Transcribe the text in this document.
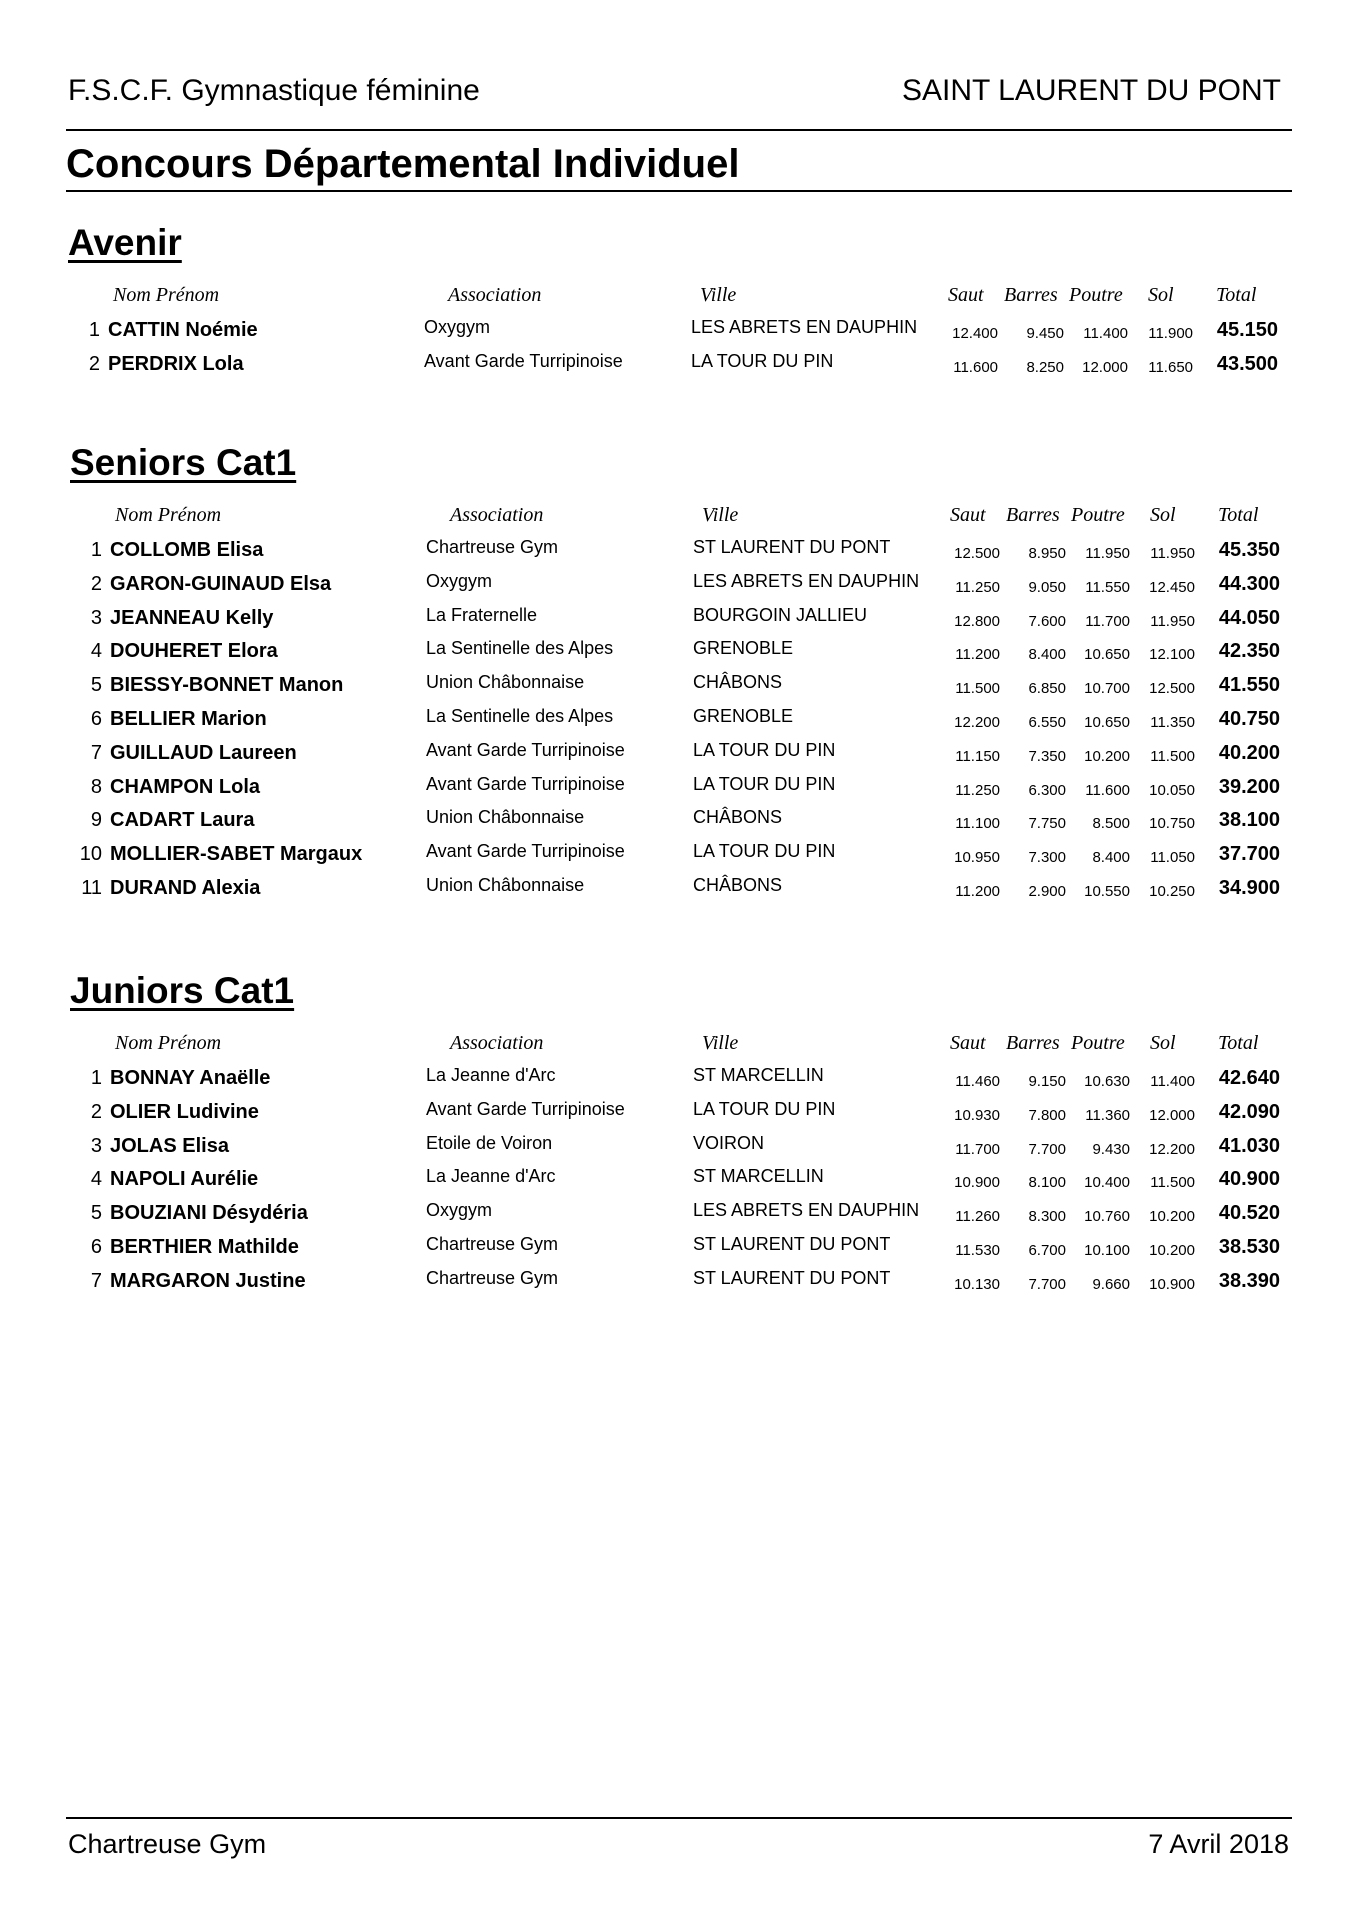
F.S.C.F. Gymnastique féminine	SAINT LAURENT DU PONT
Concours Départemental Individuel
Avenir
Nom Prénom	Association	Ville	Saut Barres Poutre Sol Total
1 CATTIN Noémie	Oxygym	LES ABRETS EN DAUPHIN	12.400	9.450	11.400	11.900	45.150
2 PERDRIX Lola	Avant Garde Turripinoise	LA TOUR DU PIN	11.600	8.250	12.000	11.650	43.500
Seniors Cat1
Nom Prénom	Association	Ville	Saut Barres Poutre Sol Total
1 COLLOMB Elisa	Chartreuse Gym	ST LAURENT DU PONT	12.500	8.950	11.950	11.950	45.350
2 GARON-GUINAUD Elsa	Oxygym	LES ABRETS EN DAUPHIN	11.250	9.050	11.550	12.450	44.300
3 JEANNEAU Kelly	La Fraternelle	BOURGOIN JALLIEU	12.800	7.600	11.700	11.950	44.050
4 DOUHERET Elora	La Sentinelle des Alpes	GRENOBLE	11.200	8.400	10.650	12.100	42.350
5 BIESSY-BONNET Manon	Union Châbonnaise	CHÂBONS	11.500	6.850	10.700	12.500	41.550
6 BELLIER Marion	La Sentinelle des Alpes	GRENOBLE	12.200	6.550	10.650	11.350	40.750
7 GUILLAUD Laureen	Avant Garde Turripinoise	LA TOUR DU PIN	11.150	7.350	10.200	11.500	40.200
8 CHAMPON Lola	Avant Garde Turripinoise	LA TOUR DU PIN	11.250	6.300	11.600	10.050	39.200
9 CADART Laura	Union Châbonnaise	CHÂBONS	11.100	7.750	8.500	10.750	38.100
10 MOLLIER-SABET Margaux	Avant Garde Turripinoise	LA TOUR DU PIN	10.950	7.300	8.400	11.050	37.700
11 DURAND Alexia	Union Châbonnaise	CHÂBONS	11.200	2.900	10.550	10.250	34.900
Juniors Cat1
Nom Prénom	Association	Ville	Saut Barres Poutre Sol Total
1 BONNAY Anaëlle	La Jeanne d'Arc	ST MARCELLIN	11.460	9.150	10.630	11.400	42.640
2 OLIER Ludivine	Avant Garde Turripinoise	LA TOUR DU PIN	10.930	7.800	11.360	12.000	42.090
3 JOLAS Elisa	Etoile de Voiron	VOIRON	11.700	7.700	9.430	12.200	41.030
4 NAPOLI Aurélie	La Jeanne d'Arc	ST MARCELLIN	10.900	8.100	10.400	11.500	40.900
5 BOUZIANI Désydéria	Oxygym	LES ABRETS EN DAUPHIN	11.260	8.300	10.760	10.200	40.520
6 BERTHIER Mathilde	Chartreuse Gym	ST LAURENT DU PONT	11.530	6.700	10.100	10.200	38.530
7 MARGARON Justine	Chartreuse Gym	ST LAURENT DU PONT	10.130	7.700	9.660	10.900	38.390
Chartreuse Gym	7 Avril 2018
